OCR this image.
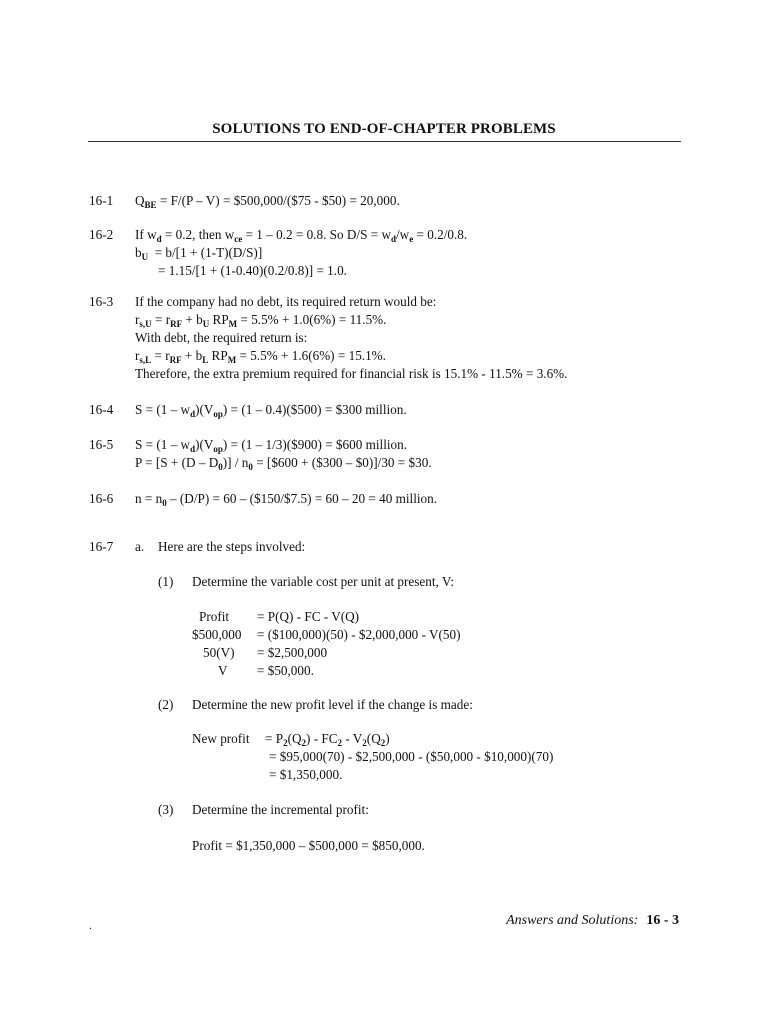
SOLUTIONS TO END-OF-CHAPTER PROBLEMS
16-1 $Q_{BE} = F/(P - V)$ = $500,000/($75 - $50) = 20,000.
16-2 If $w_d = 0.2$, then $w_{ce} = 1 - 0.2 = 0.8$. So $D/S = w_d/w_e = 0.2/0.8$.
$b_U = b/[1 + (1-T)(D/S)]$
= 1.15/[1 + (1-0.40)(0.2/0.8)] = 1.0.
16-3 If the company had no debt, its required return would be:
$r_{s,U} = r_{RF} + b_U$ $RP_M = 5.5\% + 1.0(6\%) = 11.5\%$.
With debt, the required return is:
$r_{s,L} = r_{RF} + b_L$ $RP_M = 5.5\% + 1.6(6\%) = 15.1\%$.
Therefore, the extra premium required for financial risk is 15.1% - 11.5% = 3.6%.
16-4 $S = (1 - w_d)(V_{op}) = (1$ – 0.4)($500) = $300 million.
16-5 $S = (1 - w_d)(V_{op}) = (1$ – 1/3)($900) = $600 million.
$P = [S + (D - D_0)] / n_0$ = [$600 + ($300 – $0)]/30 = $30.
16-6 $n = n_0 - (D/P) = 60$ – ($150/$7.5) = 60 – 20 = 40 million.
16-7 a. Here are the steps involved:
(1) Determine the variable cost per unit at present, V:
Profit = P(Q) - FC - V(Q)
$500,000 = ($100,000)(50) - $2,000,000 - V(50)
50(V) = $2,500,000
V = $50,000.
(2) Determine the new profit level if the change is made:
New profit = $P_2(Q_2) - FC_2 - V_2(Q_2)$
= $95,000(70) - $2,500,000 - ($50,000 - $10,000)(70)
= $1,350,000.
(3) Determine the incremental profit:
Profit = $1,350,000 – $500,000 = $850,000.
.	Answers and Solutions: 16 - 3
